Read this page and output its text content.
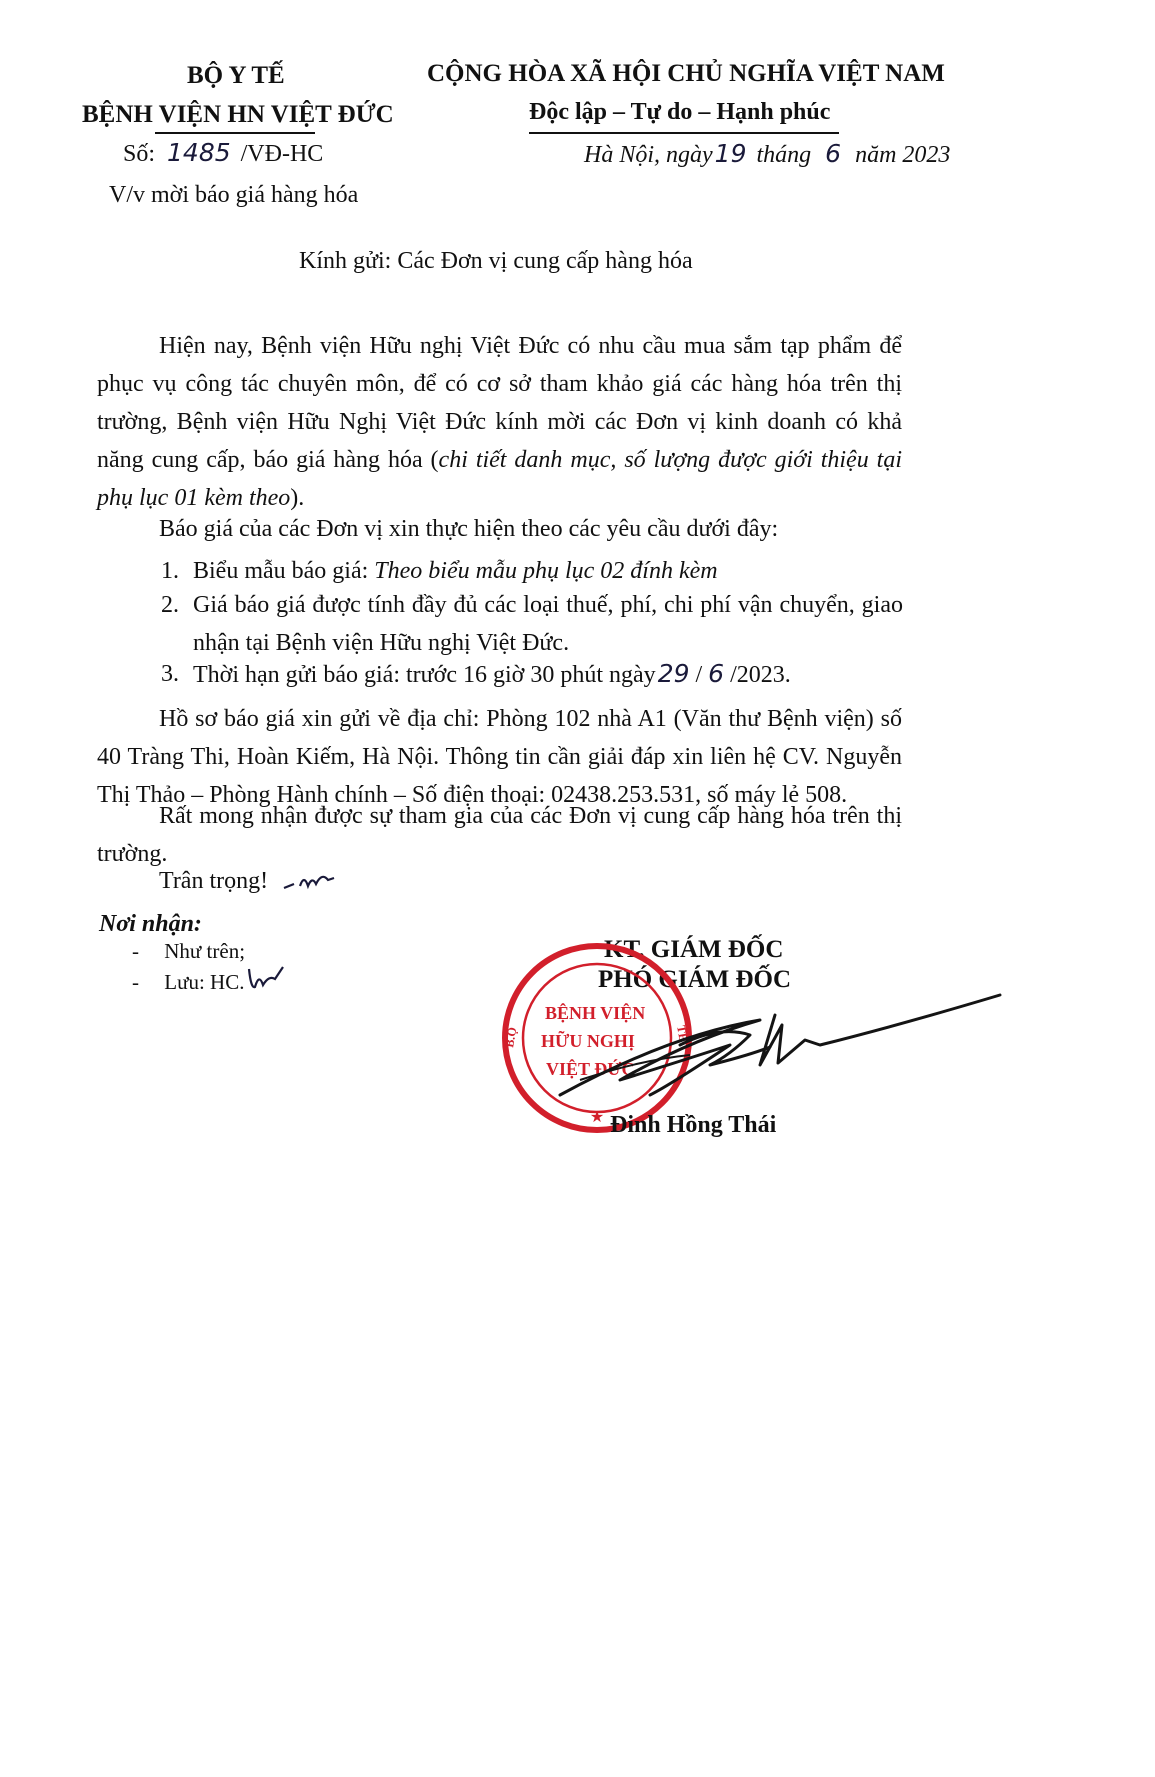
BỘ Y TẾ
BỆNH VIỆN HN VIỆT ĐỨC
Số: 1485 /VĐ-HC
V/v mời báo giá hàng hóa
CỘNG HÒA XÃ HỘI CHỦ NGHĨA VIỆT NAM
Độc lập – Tự do – Hạnh phúc
Hà Nội, ngày19 tháng 6 năm 2023
Kính gửi: Các Đơn vị cung cấp hàng hóa
Hiện nay, Bệnh viện Hữu nghị Việt Đức có nhu cầu mua sắm tạp phẩm để phục vụ công tác chuyên môn, để có cơ sở tham khảo giá các hàng hóa trên thị trường, Bệnh viện Hữu Nghị Việt Đức kính mời các Đơn vị kinh doanh có khả năng cung cấp, báo giá hàng hóa (chi tiết danh mục, số lượng được giới thiệu tại phụ lục 01 kèm theo).
Báo giá của các Đơn vị xin thực hiện theo các yêu cầu dưới đây:
1. Biểu mẫu báo giá: Theo biểu mẫu phụ lục 02 đính kèm
2. Giá báo giá được tính đầy đủ các loại thuế, phí, chi phí vận chuyển, giao nhận tại Bệnh viện Hữu nghị Việt Đức.
3. Thời hạn gửi báo giá: trước 16 giờ 30 phút ngày29 / 6 /2023.
Hồ sơ báo giá xin gửi về địa chỉ: Phòng 102 nhà A1 (Văn thư Bệnh viện) số 40 Tràng Thi, Hoàn Kiếm, Hà Nội. Thông tin cần giải đáp xin liên hệ CV. Nguyễn Thị Thảo – Phòng Hành chính – Số điện thoại: 02438.253.531, số máy lẻ 508.
Rất mong nhận được sự tham gia của các Đơn vị cung cấp hàng hóa trên thị trường.
Trân trọng!
Nơi nhận:
- Như trên;
- Lưu: HC.
KT. GIÁM ĐỐC
PHÓ GIÁM ĐỐC
B.Ộ	TẾ
★
BỆNH VIỆN
HỮU NGHỊ
VIỆT ĐỨC
Đinh Hồng Thái
